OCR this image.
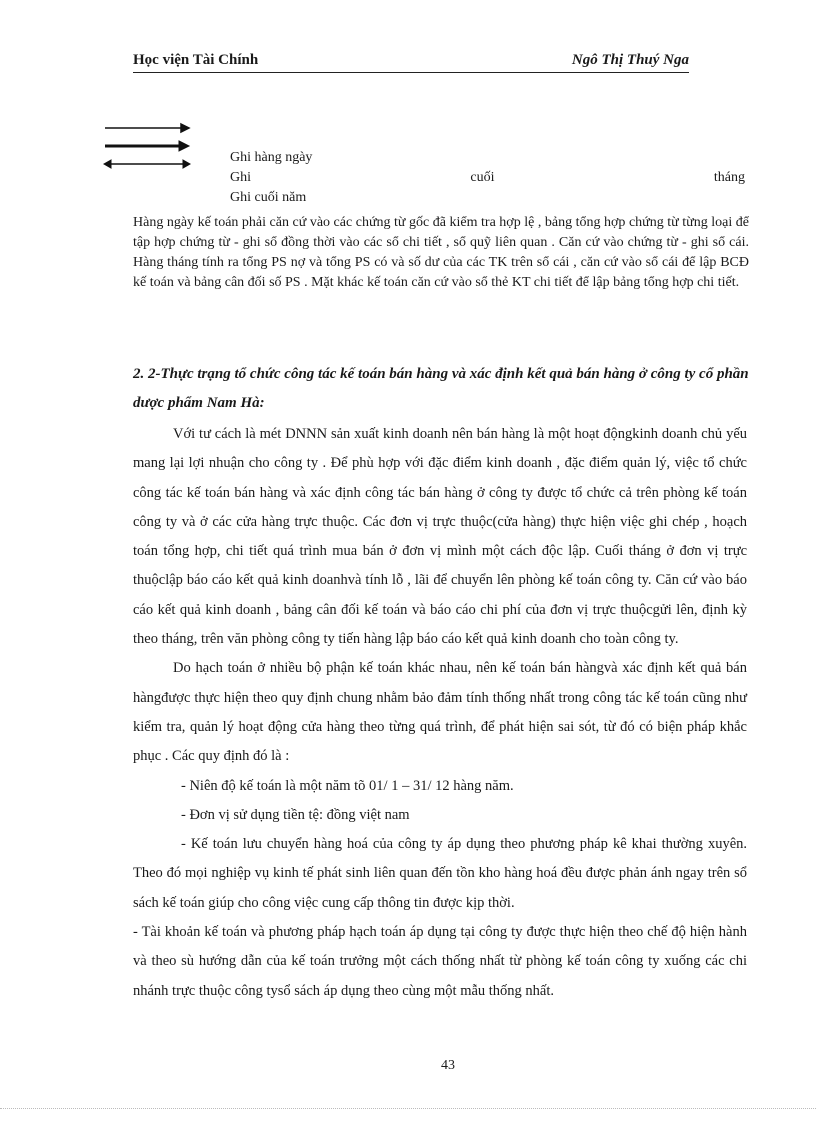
Học viện Tài Chính	Ngô Thị Thuý Nga
Ghi hàng ngày
Ghi	cuối	tháng
Ghi cuối năm
Hàng ngày kế toán phải căn cứ vào các chứng từ gốc đã kiểm tra hợp lệ , bảng tổng hợp chứng từ từng loại để tập hợp chứng từ - ghi sổ đồng thời vào các sổ chi tiết , sổ quỹ liên quan . Căn cứ vào chứng từ - ghi sổ cái.
Hàng tháng tính ra tổng PS nợ và tổng PS có và số dư của các TK trên sổ cái , căn cứ vào sổ cái để lập BCĐ kế toán và bảng cân đối số PS . Mặt khác kế toán căn cứ vào sổ thẻ KT chi tiết để lập bảng tổng hợp chi tiết.
2. 2-Thực trạng tổ chức công tác kế toán bán hàng và xác định kết quả bán hàng ở công ty cổ phần dược phẩm Nam Hà:

Với tư cách là mét DNNN sản xuất kinh doanh nên bán hàng là một hoạt độngkinh doanh chủ yếu mang lại lợi nhuận cho công ty . Để phù hợp với đặc điểm kinh doanh , đặc điểm quản lý, việc tổ chức công tác kế toán bán hàng và xác định công tác bán hàng ở công ty được tổ chức cả trên phòng kế toán công ty và ở các cửa hàng trực thuộc. Các đơn vị trực thuộc(cửa hàng) thực hiện việc ghi chép , hoạch toán tổng hợp, chi tiết quá trình mua bán ở đơn vị mình một cách độc lập. Cuối tháng ở đơn vị trực thuộclập báo cáo kết quả kinh doanhvà tính lỗ , lãi để chuyển lên phòng kế toán công ty. Căn cứ vào báo cáo kết quả kinh doanh , bảng cân đối kế toán và báo cáo chi phí của đơn vị trực thuộcgửi lên, định kỳ theo tháng, trên văn phòng công ty tiến hàng lập báo cáo kết quả kinh doanh cho toàn công ty.

Do hạch toán ở nhiều bộ phận kế toán khác nhau, nên kế toán bán hàngvà xác định kết quả bán hàngđược thực hiện theo quy định chung nhằm bảo đảm tính thống nhất trong công tác kế toán cũng như kiểm tra, quản lý hoạt động cửa hàng theo từng quá trình, để phát hiện sai sót, từ đó có biện pháp khắc phục . Các quy định đó là :

- Niên độ kế toán là một năm tõ 01/ 1 – 31/ 12 hàng năm.

- Đơn vị sử dụng tiền tệ: đồng việt nam

- Kế toán lưu chuyển hàng hoá của công ty áp dụng theo phương pháp kê khai thường xuyên. Theo đó mọi nghiệp vụ kinh tế phát sinh liên quan đến tồn kho hàng hoá đều được phản ánh ngay trên sổ sách kế toán giúp cho công việc cung cấp thông tin được kịp thời.

- Tài khoản kế toán và phương pháp hạch toán áp dụng tại công ty được thực hiện theo chế độ hiện hành và theo sù hướng dẫn của kế toán trưởng một cách thống nhất từ phòng kế toán công ty xuống các chi nhánh trực thuộc công tysổ sách áp dụng theo cùng một mẫu thống nhất.

43
